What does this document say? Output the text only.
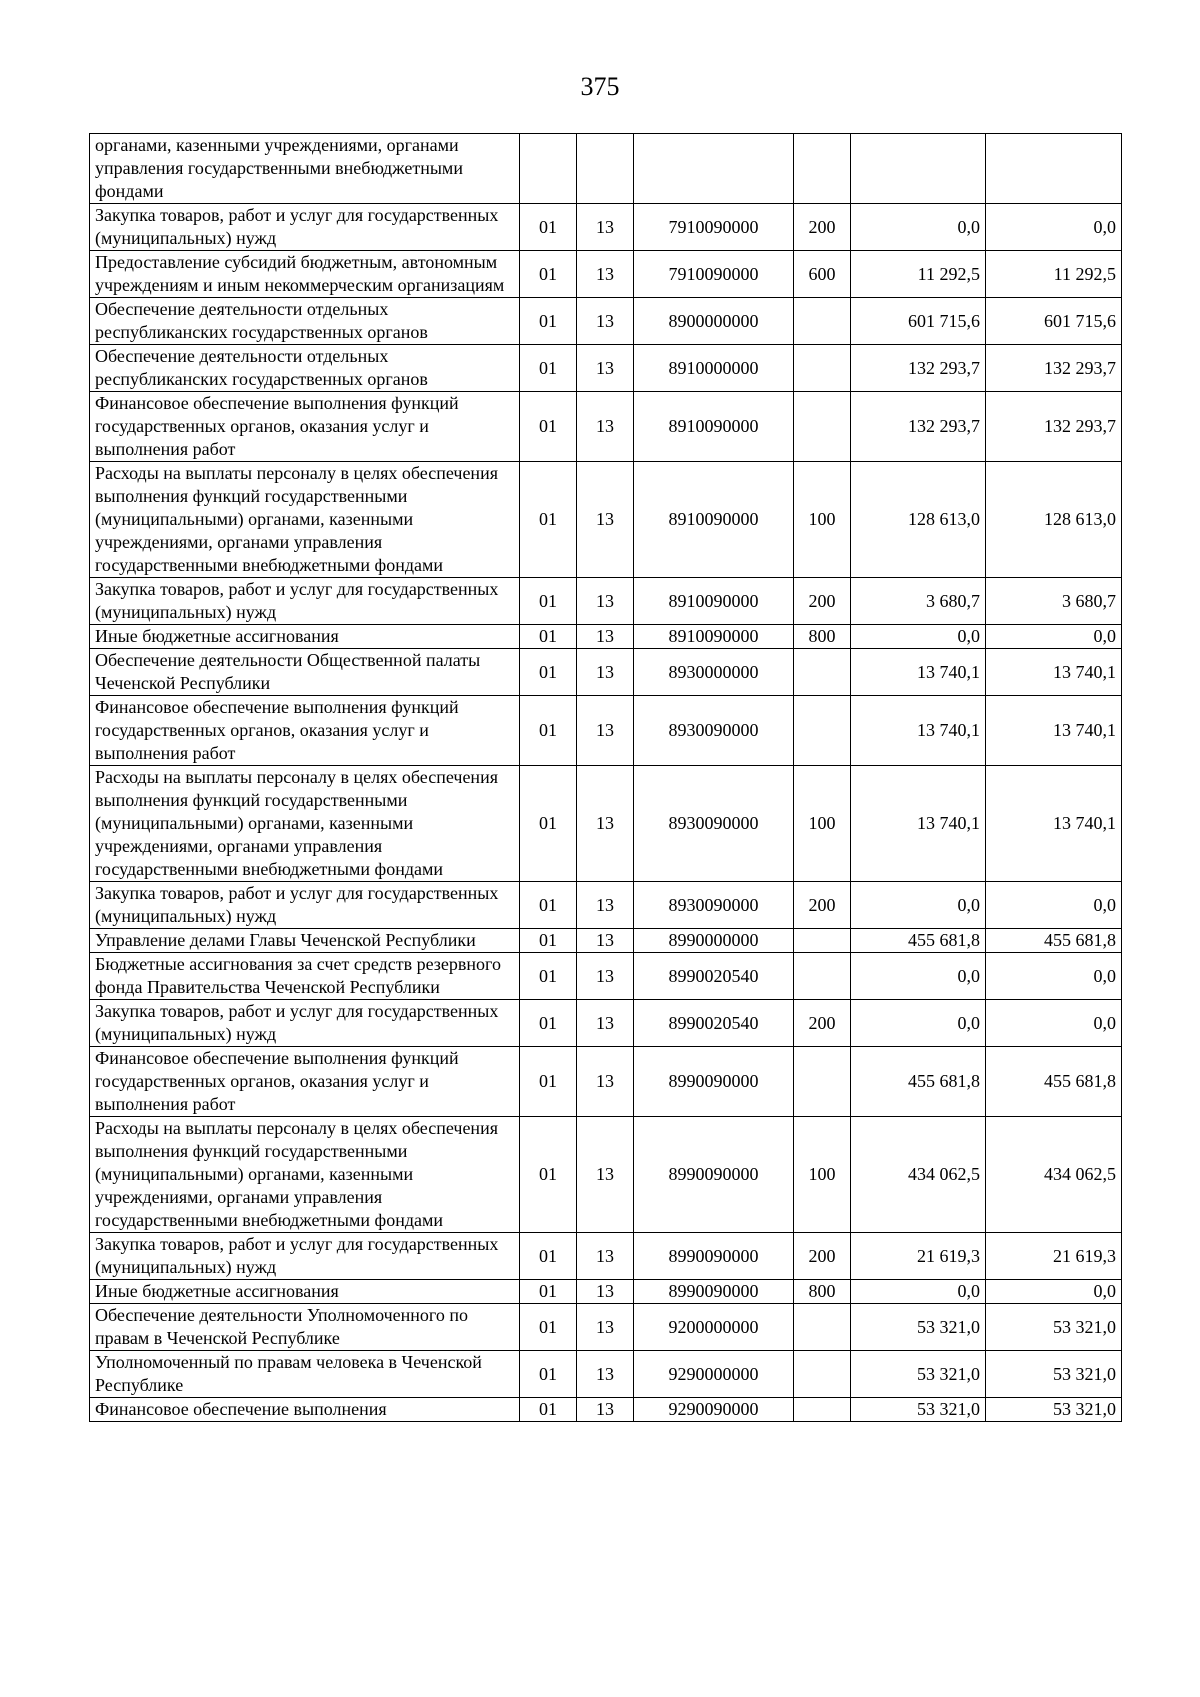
375
органами, казенными учреждениями, органами управления государственными внебюджетными фондами						
Закупка товаров, работ и услуг для государственных (муниципальных) нужд	01	13	7910090000	200	0,0	0,0
Предоставление субсидий бюджетным, автономным учреждениям и иным некоммерческим организациям	01	13	7910090000	600	11 292,5	11 292,5
Обеспечение деятельности отдельных республиканских государственных органов	01	13	8900000000		601 715,6	601 715,6
Обеспечение деятельности отдельных республиканских государственных органов	01	13	8910000000		132 293,7	132 293,7
Финансовое обеспечение выполнения функций государственных органов, оказания услуг и выполнения работ	01	13	8910090000		132 293,7	132 293,7
Расходы на выплаты персоналу в целях обеспечения выполнения функций государственными (муниципальными) органами, казенными учреждениями, органами управления государственными внебюджетными фондами	01	13	8910090000	100	128 613,0	128 613,0
Закупка товаров, работ и услуг для государственных (муниципальных) нужд	01	13	8910090000	200	3 680,7	3 680,7
Иные бюджетные ассигнования	01	13	8910090000	800	0,0	0,0
Обеспечение деятельности Общественной палаты Чеченской Республики	01	13	8930000000		13 740,1	13 740,1
Финансовое обеспечение выполнения функций государственных органов, оказания услуг и выполнения работ	01	13	8930090000		13 740,1	13 740,1
Расходы на выплаты персоналу в целях обеспечения выполнения функций государственными (муниципальными) органами, казенными учреждениями, органами управления государственными внебюджетными фондами	01	13	8930090000	100	13 740,1	13 740,1
Закупка товаров, работ и услуг для государственных (муниципальных) нужд	01	13	8930090000	200	0,0	0,0
Управление делами Главы Чеченской Республики	01	13	8990000000		455 681,8	455 681,8
Бюджетные ассигнования за счет средств резервного фонда Правительства Чеченской Республики	01	13	8990020540		0,0	0,0
Закупка товаров, работ и услуг для государственных (муниципальных) нужд	01	13	8990020540	200	0,0	0,0
Финансовое обеспечение выполнения функций государственных органов, оказания услуг и выполнения работ	01	13	8990090000		455 681,8	455 681,8
Расходы на выплаты персоналу в целях обеспечения выполнения функций государственными (муниципальными) органами, казенными учреждениями, органами управления государственными внебюджетными фондами	01	13	8990090000	100	434 062,5	434 062,5
Закупка товаров, работ и услуг для государственных (муниципальных) нужд	01	13	8990090000	200	21 619,3	21 619,3
Иные бюджетные ассигнования	01	13	8990090000	800	0,0	0,0
Обеспечение деятельности Уполномоченного по правам в Чеченской Республике	01	13	9200000000		53 321,0	53 321,0
Уполномоченный по правам человека в Чеченской Республике	01	13	9290000000		53 321,0	53 321,0
Финансовое обеспечение выполнения	01	13	9290090000		53 321,0	53 321,0
